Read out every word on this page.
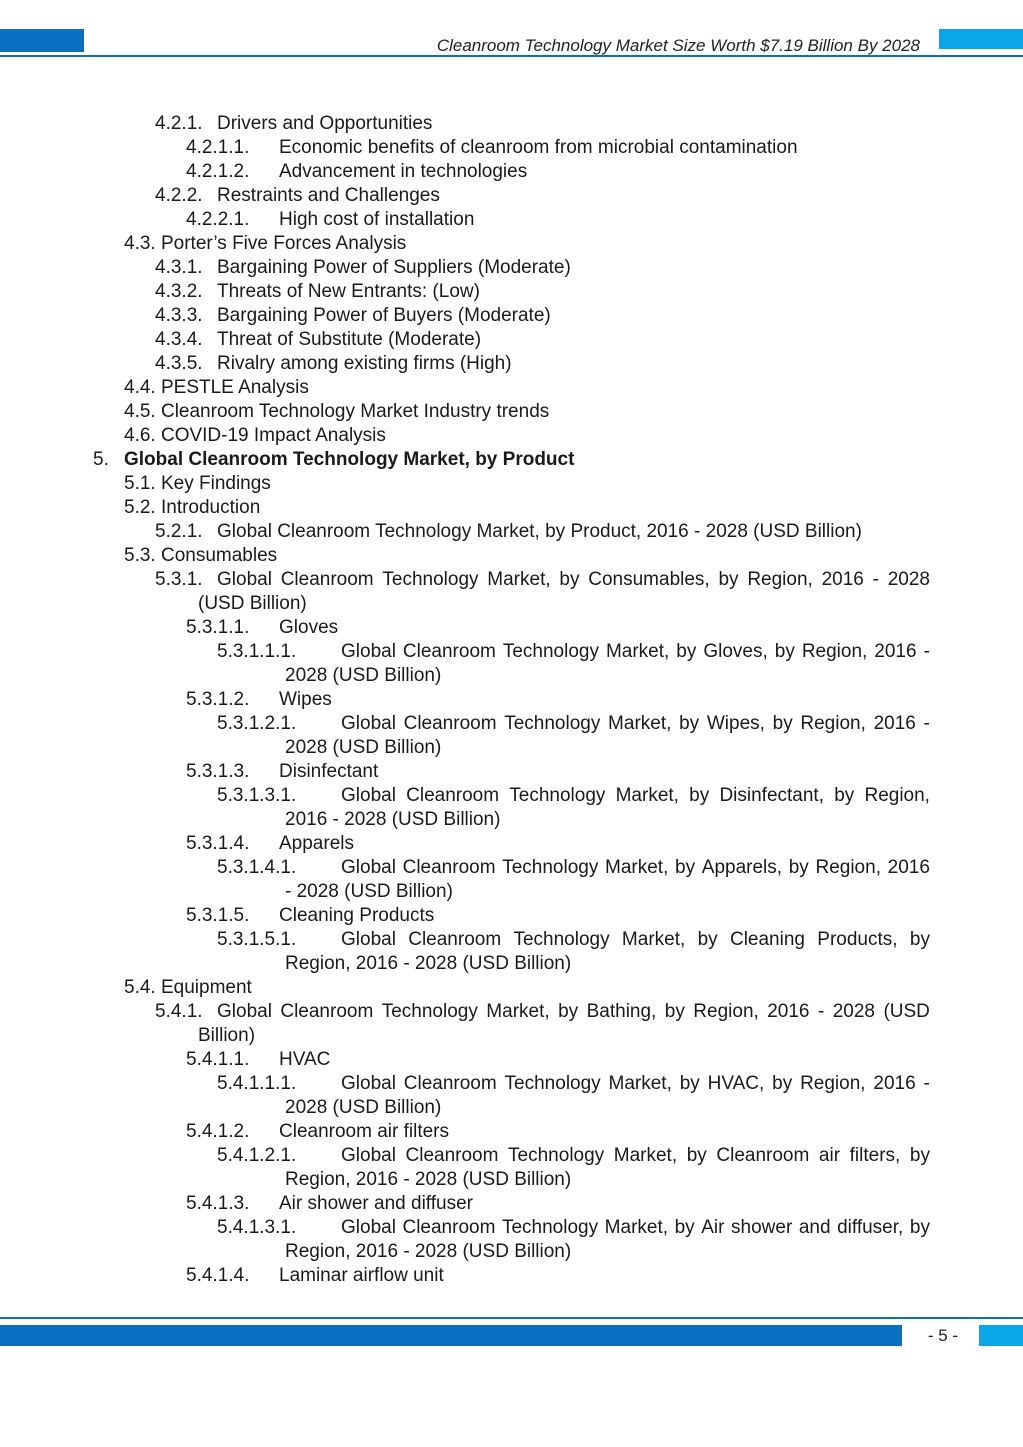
Cleanroom Technology Market Size Worth $7.19 Billion By 2028
4.2.1. Drivers and Opportunities
4.2.1.1. Economic benefits of cleanroom from microbial contamination
4.2.1.2. Advancement in technologies
4.2.2. Restraints and Challenges
4.2.2.1. High cost of installation
4.3. Porter’s Five Forces Analysis
4.3.1. Bargaining Power of Suppliers (Moderate)
4.3.2. Threats of New Entrants: (Low)
4.3.3. Bargaining Power of Buyers (Moderate)
4.3.4. Threat of Substitute (Moderate)
4.3.5. Rivalry among existing firms (High)
4.4. PESTLE Analysis
4.5. Cleanroom Technology Market Industry trends
4.6. COVID-19 Impact Analysis
5. Global Cleanroom Technology Market, by Product
5.1. Key Findings
5.2. Introduction
5.2.1. Global Cleanroom Technology Market, by Product, 2016 - 2028 (USD Billion)
5.3. Consumables
5.3.1. Global Cleanroom Technology Market, by Consumables, by Region, 2016 - 2028
(USD Billion)
5.3.1.1. Gloves
5.3.1.1.1. Global Cleanroom Technology Market, by Gloves, by Region, 2016 -
2028 (USD Billion)
5.3.1.2. Wipes
5.3.1.2.1. Global Cleanroom Technology Market, by Wipes, by Region, 2016 -
2028 (USD Billion)
5.3.1.3. Disinfectant
5.3.1.3.1. Global Cleanroom Technology Market, by Disinfectant, by Region,
2016 - 2028 (USD Billion)
5.3.1.4. Apparels
5.3.1.4.1. Global Cleanroom Technology Market, by Apparels, by Region, 2016
- 2028 (USD Billion)
5.3.1.5. Cleaning Products
5.3.1.5.1. Global Cleanroom Technology Market, by Cleaning Products, by
Region, 2016 - 2028 (USD Billion)
5.4. Equipment
5.4.1. Global Cleanroom Technology Market, by Bathing, by Region, 2016 - 2028 (USD
Billion)
5.4.1.1. HVAC
5.4.1.1.1. Global Cleanroom Technology Market, by HVAC, by Region, 2016 -
2028 (USD Billion)
5.4.1.2. Cleanroom air filters
5.4.1.2.1. Global Cleanroom Technology Market, by Cleanroom air filters, by
Region, 2016 - 2028 (USD Billion)
5.4.1.3. Air shower and diffuser
5.4.1.3.1. Global Cleanroom Technology Market, by Air shower and diffuser, by
Region, 2016 - 2028 (USD Billion)
5.4.1.4. Laminar airflow unit
- 5 -
